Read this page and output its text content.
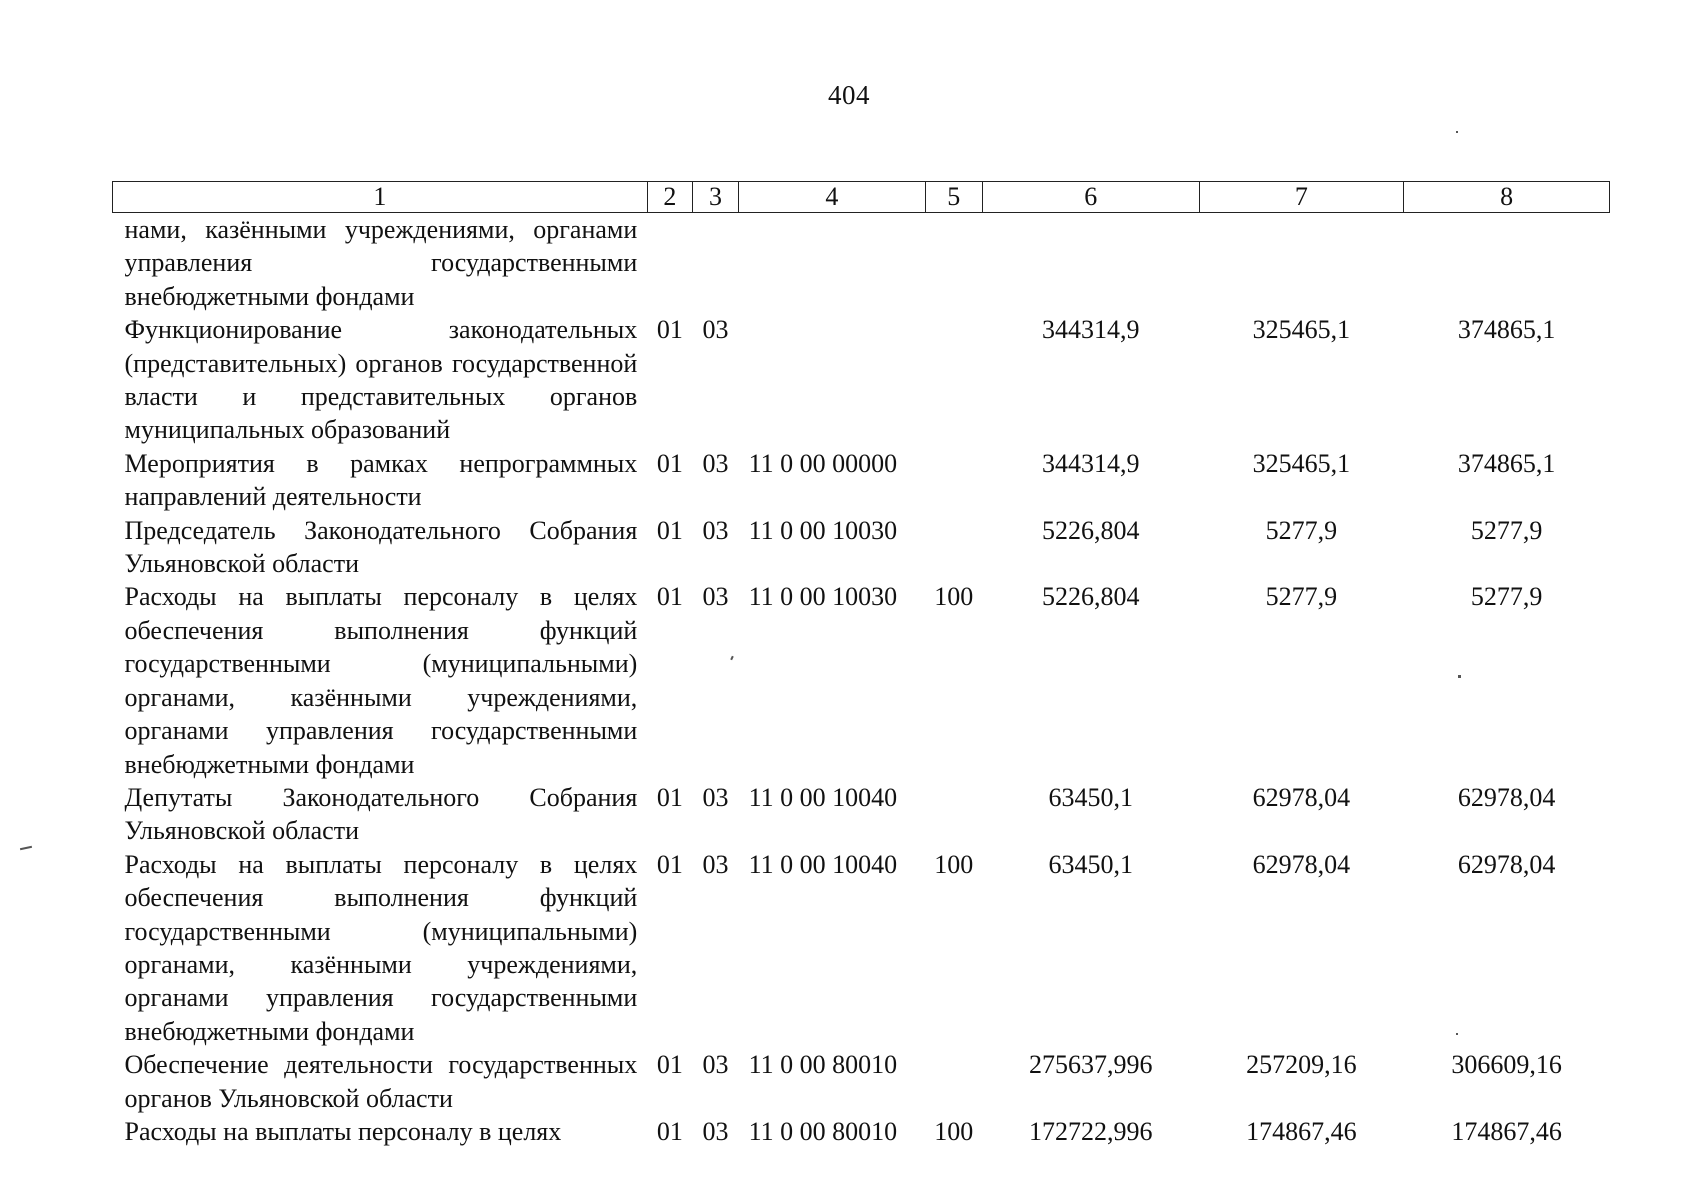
404
1	2	3	4	5	6	7	8
нами, казёнными учреждениями, органами управления государственными внебюджетными фондами							
Функционирование законодательных (представительных) органов государственной власти и представительных органов муниципальных образований	01	03			344314,9	325465,1	374865,1
Мероприятия в рамках непрограммных направлений деятельности	01	03	11 0 00 00000		344314,9	325465,1	374865,1
Председатель Законодательного Собрания Ульяновской области	01	03	11 0 00 10030		5226,804	5277,9	5277,9
Расходы на выплаты персоналу в целях обеспечения выполнения функций государственными (муниципальными) органами, казёнными учреждениями, органами управления государственными внебюджетными фондами	01	03	11 0 00 10030	100	5226,804	5277,9	5277,9
Депутаты Законодательного Собрания Ульяновской области	01	03	11 0 00 10040		63450,1	62978,04	62978,04
Расходы на выплаты персоналу в целях обеспечения выполнения функций государственными (муниципальными) органами, казёнными учреждениями, органами управления государственными внебюджетными фондами	01	03	11 0 00 10040	100	63450,1	62978,04	62978,04
Обеспечение деятельности государственных органов Ульяновской области	01	03	11 0 00 80010		275637,996	257209,16	306609,16
Расходы на выплаты персоналу в целях	01	03	11 0 00 80010	100	172722,996	174867,46	174867,46
